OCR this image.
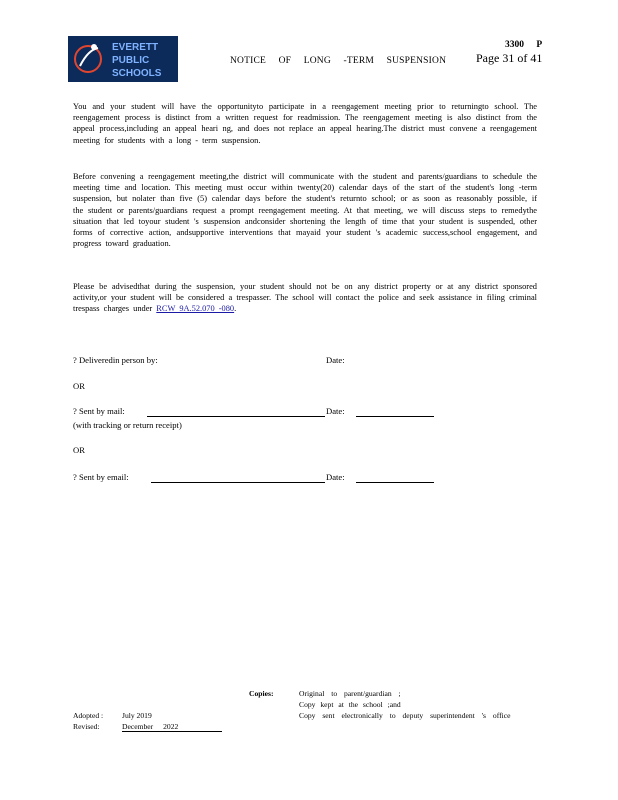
EVERETT
PUBLIC
SCHOOLS
NOTICE OF LONG -TERM SUSPENSION
3300 P
Page 31 of 41
You and your student will have the opportunityto participate in a reengagement meeting prior to returningto school. The reengagement process is distinct from a written request for readmission. The reengagement meeting is also distinct from the appeal process,including an appeal heari ng, and does not replace an appeal hearing.The district must convene a reengagement meeting for students with a long - term suspension.
Before convening a reengagement meeting,the district will communicate with the student and parents/guardians to schedule the meeting time and location. This meeting must occur within twenty(20) calendar days of the start of the student's long -term suspension, but nolater than five (5) calendar days before the student's returnto school; or as soon as reasonably possible, if the student or parents/guardians request a prompt reengagement meeting. At that meeting, we will discuss steps to remedythe situation that led toyour student 's suspension andconsider shortening the length of time that your student is suspended, other forms of corrective action, andsupportive interventions that mayaid your student 's academic success,school engagement, and progress toward graduation.
Please be advisedthat during the suspension, your student should not be on any district property or at any district sponsored activity,or your student will be considered a trespasser. The school will contact the police and seek assistance in filing criminal trespass charges under RCW 9A.52.070 -080.
? Deliveredin person by:	Date:
OR
? Sent by mail:	Date:
(with tracking or return receipt)
OR
? Sent by email:	Date:
Copies:	Original to parent/guardian ;
Copy kept at the school ;and
Copy sent electronically to deputy superintendent 's office
Adopted : July 2019
Revised:	December 2022
